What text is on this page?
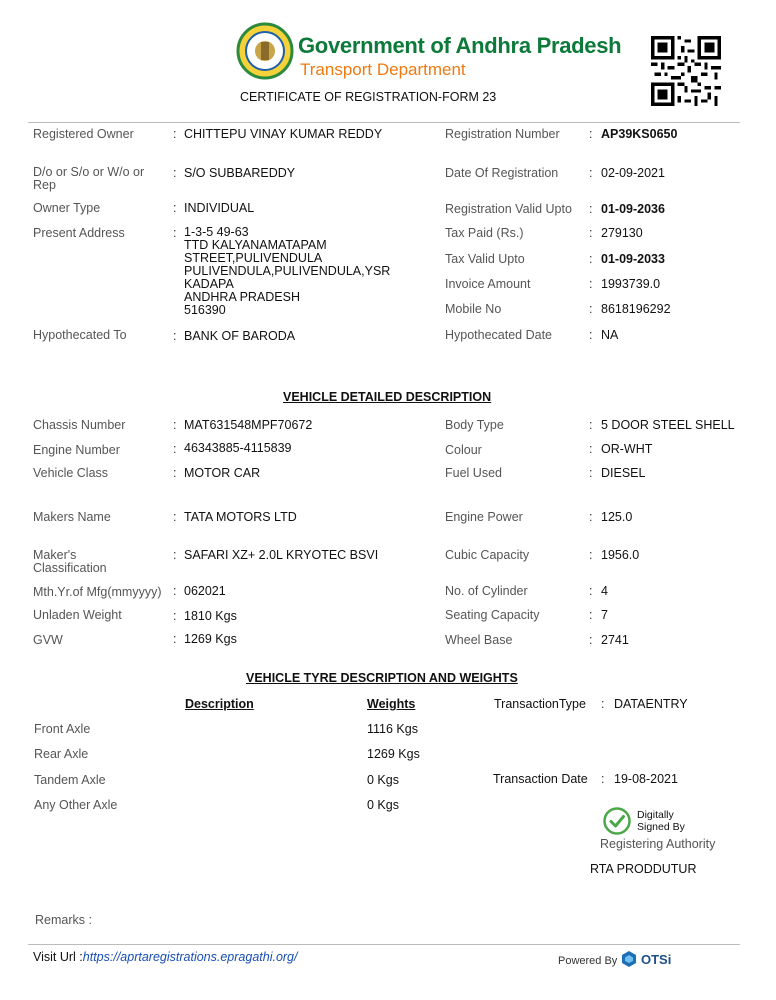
Government of Andhra Pradesh
Transport Department
CERTIFICATE OF REGISTRATION-FORM 23
Registered Owner	: CHITTEPU VINAY KUMAR REDDY
D/o or S/o or W/o or
Rep
: S/O SUBBAREDDY
Owner Type	: INDIVIDUAL
Present Address	: 1-3-5 49-63
TTD KALYANAMATAPAM
STREET,PULIVENDULA
PULIVENDULA,PULIVENDULA,YSR
KADAPA
ANDHRA PRADESH
516390
Hypothecated To	: BANK OF BARODA
Registration Number : AP39KS0650
Date Of Registration : 02-09-2021
Registration Valid Upto : 01-09-2036
Tax Paid (Rs.)	: 279130
Tax Valid Upto	: 01-09-2033
Invoice Amount	: 1993739.0
Mobile No	: 8618196292
Hypothecated Date	: NA
VEHICLE DETAILED DESCRIPTION
Chassis Number	: MAT631548MPF70672
Engine Number	: 46343885-4115839
Vehicle Class	: MOTOR CAR
Makers Name	: TATA MOTORS LTD
Maker's
Classification
: SAFARI XZ+ 2.0L KRYOTEC BSVI
Mth.Yr.of Mfg(mmyyyy) : 062021
Unladen Weight	: 1810 Kgs
GVW	: 1269 Kgs
Body Type	: 5 DOOR STEEL SHELL
Colour	: OR-WHT
Fuel Used	: DIESEL
Engine Power	: 125.0
Cubic Capacity	: 1956.0
No. of Cylinder	: 4
Seating Capacity	: 7
Wheel Base	: 2741
VEHICLE TYRE DESCRIPTION AND WEIGHTS
Description	Weights
Front Axle	1116 Kgs
Rear Axle	1269 Kgs
Tandem Axle	0 Kgs
Any Other Axle	0 Kgs
TransactionType : DATAENTRY
Transaction Date : 19-08-2021
Digitally
Signed By
Registering Authority
RTA PRODDUTUR
Remarks :
Visit Url :https://aprtaregistrations.epragathi.org/	Powered By OTSi
